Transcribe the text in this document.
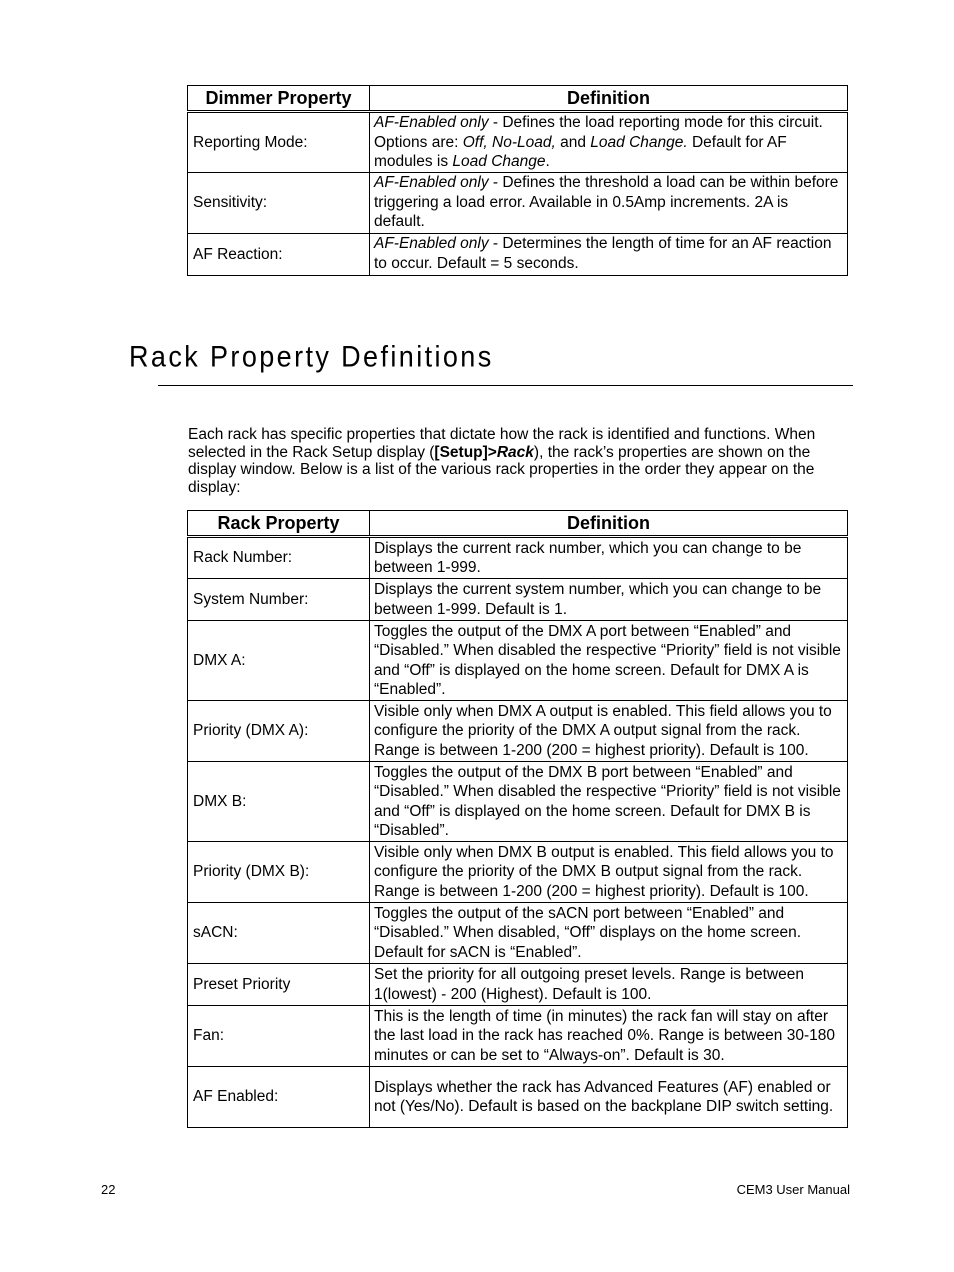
Dimmer Property	Definition
Reporting Mode:	AF-Enabled only - Defines the load reporting mode for this circuit. Options are: Off, No-Load, and Load Change. Default for AF modules is Load Change.
Sensitivity:	AF-Enabled only - Defines the threshold a load can be within before triggering a load error. Available in 0.5Amp increments. 2A is default.
AF Reaction:	AF-Enabled only - Determines the length of time for an AF reaction to occur. Default = 5 seconds.
Rack Property Definitions

Each rack has specific properties that dictate how the rack is identified and functions. When selected in the Rack Setup display ([Setup]>Rack), the rack’s properties are shown on the display window. Below is a list of the various rack properties in the order they appear on the display:

Rack Property	Definition
Rack Number:	Displays the current rack number, which you can change to be between 1-999.
System Number:	Displays the current system number, which you can change to be between 1-999. Default is 1.
DMX A:	Toggles the output of the DMX A port between “Enabled” and “Disabled.” When disabled the respective “Priority” field is not visible and “Off” is displayed on the home screen. Default for DMX A is “Enabled”.
Priority (DMX A):	Visible only when DMX A output is enabled. This field allows you to configure the priority of the DMX A output signal from the rack. Range is between 1-200 (200 = highest priority). Default is 100.
DMX B:	Toggles the output of the DMX B port between “Enabled” and “Disabled.” When disabled the respective “Priority” field is not visible and “Off” is displayed on the home screen. Default for DMX B is “Disabled”.
Priority (DMX B):	Visible only when DMX B output is enabled. This field allows you to configure the priority of the DMX B output signal from the rack. Range is between 1-200 (200 = highest priority). Default is 100.
sACN:	Toggles the output of the sACN port between “Enabled” and “Disabled.” When disabled, “Off” displays on the home screen. Default for sACN is “Enabled”.
Preset Priority	Set the priority for all outgoing preset levels. Range is between 1(lowest) - 200 (Highest). Default is 100.
Fan:	This is the length of time (in minutes) the rack fan will stay on after the last load in the rack has reached 0%. Range is between 30-180 minutes or can be set to “Always-on”. Default is 30.
AF Enabled:	Displays whether the rack has Advanced Features (AF) enabled or not (Yes/No). Default is based on the backplane DIP switch setting.
22	CEM3 User Manual
